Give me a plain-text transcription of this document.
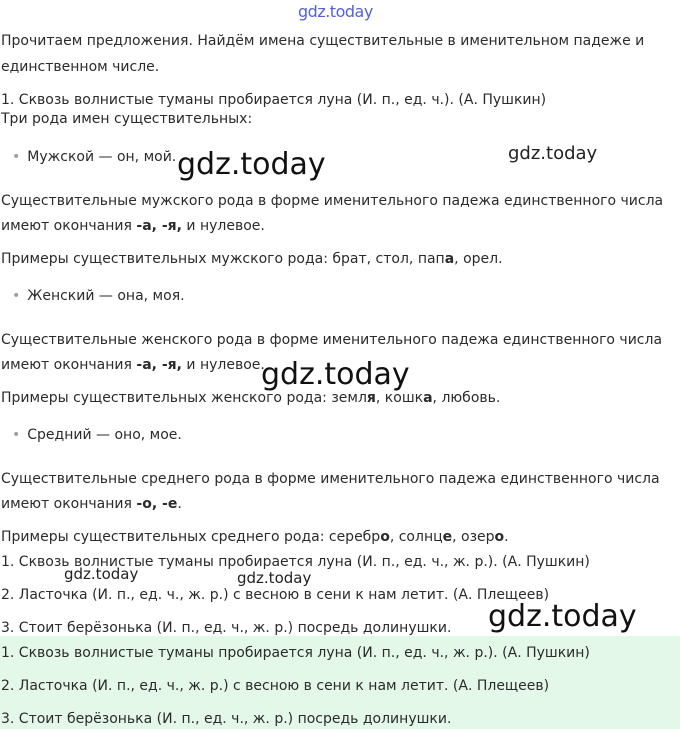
gdz.today

Прочитаем предложения. Найдём имена существительные в именительном падеже и

единственном числе.

1. Сквозь волнистые туманы пробирается луна (И. п., ед. ч.). (А. Пушкин)

Три рода имен существительных:

• Мужской — он, мой.

Существительные мужского рода в форме именительного падежа единственного числа

имеют окончания -а, -я, и нулевое.

Примеры существительных мужского рода: брат, стол, папа, орел.

• Женский — она, моя.

Существительные женского рода в форме именительного падежа единственного числа

имеют окончания -а, -я, и нулевое.

Примеры существительных женского рода: земля, кошка, любовь.

• Средний — оно, мое.

Существительные среднего рода в форме именительного падежа единственного числа

имеют окончания -о, -е.

Примеры существительных среднего рода: серебро, солнце, озеро.

1. Сквозь волнистые туманы пробирается луна (И. п., ед. ч., ж. р.). (А. Пушкин)

2. Ласточка (И. п., ед. ч., ж. р.) с весною в сени к нам летит. (А. Плещеев)

3. Стоит берёзонька (И. п., ед. ч., ж. р.) посредь долинушки.

1. Сквозь волнистые туманы пробирается луна (И. п., ед. ч., ж. р.). (А. Пушкин)

2. Ласточка (И. п., ед. ч., ж. р.) с весною в сени к нам летит. (А. Плещеев)

3. Стоит берёзонька (И. п., ед. ч., ж. р.) посредь долинушки.

gdz.today	gdz.today
gdz.today
gdz.today	gdz.today
gdz.today
